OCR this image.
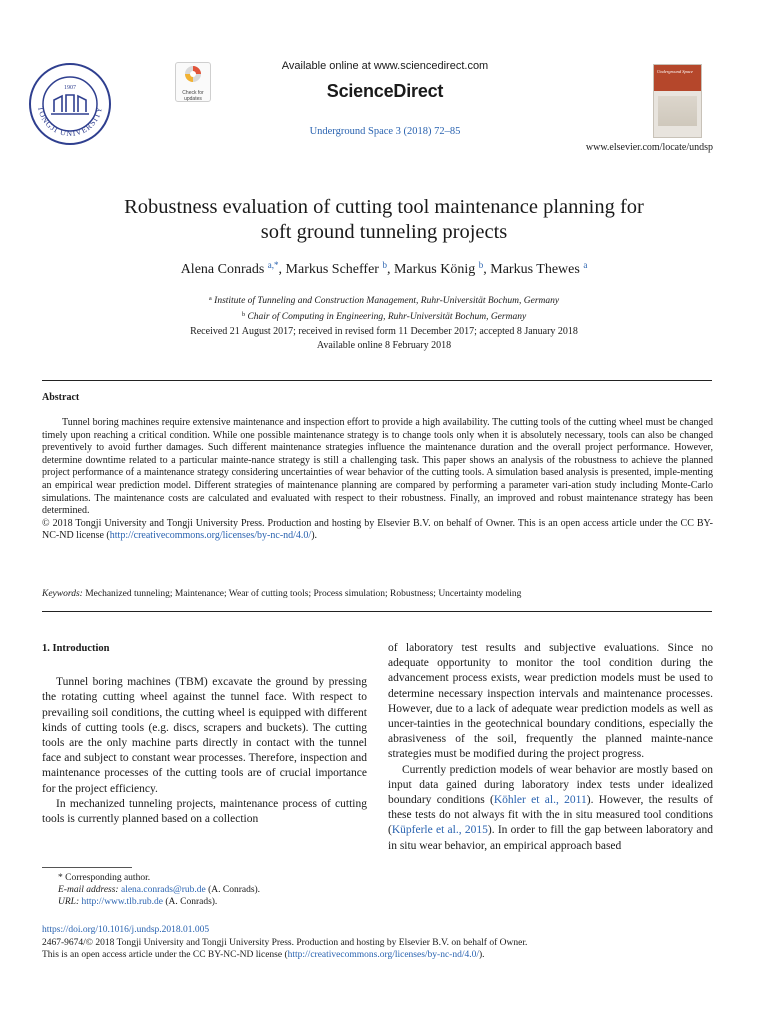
TONGJI UNIVERSITY
1907
Check for
updates
Available online at www.sciencedirect.com
ScienceDirect
Underground Space 3 (2018) 72–85
Underground Space
www.elsevier.com/locate/undsp
Robustness evaluation of cutting tool maintenance planning for
soft ground tunneling projects
Alena Conrads $^{a,*}$, Markus Scheffer $^b$, Markus König $^b$, Markus Thewes $^a$
$^a$ Institute of Tunneling and Construction Management, Ruhr-Universität Bochum, Germany
$^b$ Chair of Computing in Engineering, Ruhr-Universität Bochum, Germany
Received 21 August 2017; received in revised form 11 December 2017; accepted 8 January 2018
Available online 8 February 2018
Abstract

Tunnel boring machines require extensive maintenance and inspection effort to provide a high availability. The cutting tools of the cutting wheel must be changed timely upon reaching a critical condition. While one possible maintenance strategy is to change tools only when it is absolutely necessary, tools can also be changed preventively to avoid further damages. Such different maintenance strategies influence the maintenance duration and the overall project performance. However, determine downtime related to a particular mainte-nance strategy is still a challenging task. This paper shows an analysis of the robustness to achieve the planned project performance of a maintenance strategy considering uncertainties of wear behavior of the cutting tools. A simulation based analysis is presented, imple-menting an empirical wear prediction model. Different strategies of maintenance planning are compared by performing a parameter vari-ation study including Monte-Carlo simulations. The maintenance costs are calculated and evaluated with respect to their robustness. Finally, an improved and robust maintenance strategy has been determined.

© 2018 Tongji University and Tongji University Press. Production and hosting by Elsevier B.V. on behalf of Owner. This is an open access article under the CC BY-NC-ND license (http://creativecommons.org/licenses/by-nc-nd/4.0/).

Keywords: Mechanized tunneling; Maintenance; Wear of cutting tools; Process simulation; Robustness; Uncertainty modeling

1. Introduction

Tunnel boring machines (TBM) excavate the ground by pressing the rotating cutting wheel against the tunnel face. With respect to prevailing soil conditions, the cutting wheel is equipped with different kinds of cutting tools (e.g. discs, scrapers and buckets). The cutting tools are the only machine parts directly in contact with the tunnel face and subject to constant wear processes. Therefore, inspection and maintenance processes of the cutting tools are of crucial importance for the project efficiency.

In mechanized tunneling projects, maintenance process of cutting tools is currently planned based on a collection

of laboratory test results and subjective evaluations. Since no adequate opportunity to monitor the tool condition during the advancement process exists, wear prediction models must be used to determine necessary inspection intervals and maintenance processes. However, due to a lack of adequate wear prediction models as well as uncer-tainties in the geotechnical boundary conditions, especially the abrasiveness of the soil, frequently the planned mainte-nance strategies must be modified during the project progress.

Currently prediction models of wear behavior are mostly based on input data gained during laboratory index tests under idealized boundary conditions (Köhler et al., 2011). However, the results of these tests do not always fit with the in situ measured tool conditions (Küpferle et al., 2015). In order to fill the gap between laboratory and in situ wear behavior, an empirical approach based

* Corresponding author.
E-mail address: alena.conrads@rub.de (A. Conrads).
URL: http://www.tlb.rub.de (A. Conrads).
https://doi.org/10.1016/j.undsp.2018.01.005
2467-9674/© 2018 Tongji University and Tongji University Press. Production and hosting by Elsevier B.V. on behalf of Owner.
This is an open access article under the CC BY-NC-ND license (http://creativecommons.org/licenses/by-nc-nd/4.0/).
